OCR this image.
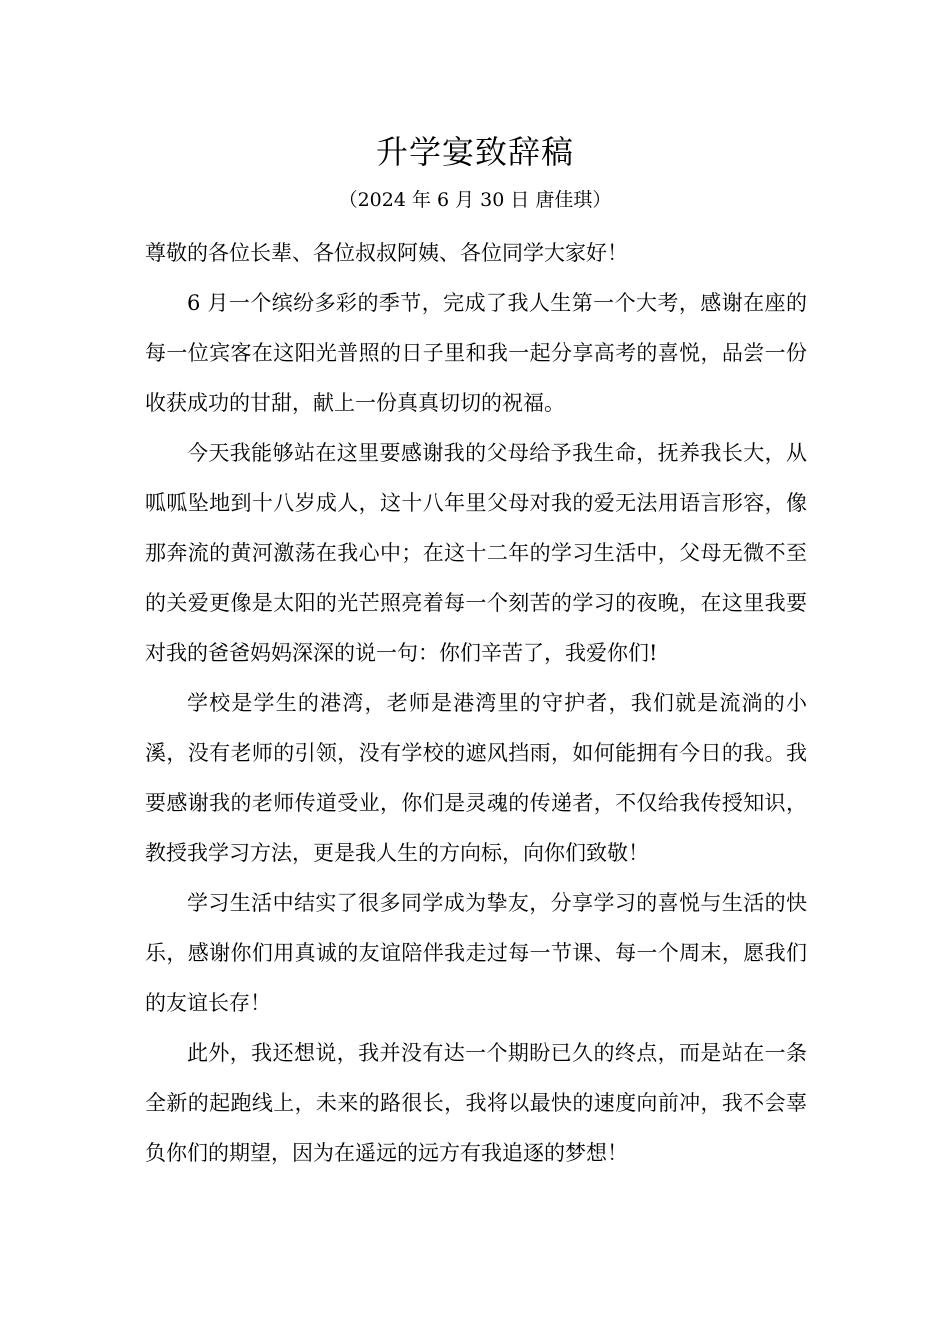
升学宴致辞稿
（2024 年 6 月 30 日 唐佳琪）

尊敬的各位长辈、各位叔叔阿姨、各位同学大家好！

6 月一个缤纷多彩的季节，完成了我人生第一个大考，感谢在座的每一位宾客在这阳光普照的日子里和我一起分享高考的喜悦，品尝一份收获成功的甘甜，献上一份真真切切的祝福。

今天我能够站在这里要感谢我的父母给予我生命，抚养我长大，从呱呱坠地到十八岁成人，这十八年里父母对我的爱无法用语言形容，像那奔流的黄河激荡在我心中；在这十二年的学习生活中，父母无微不至的关爱更像是太阳的光芒照亮着每一个刻苦的学习的夜晚，在这里我要对我的爸爸妈妈深深的说一句：你们辛苦了，我爱你们!

学校是学生的港湾，老师是港湾里的守护者，我们就是流淌的小溪，没有老师的引领，没有学校的遮风挡雨，如何能拥有今日的我。我要感谢我的老师传道受业，你们是灵魂的传递者，不仅给我传授知识，教授我学习方法，更是我人生的方向标，向你们致敬！

学习生活中结实了很多同学成为挚友，分享学习的喜悦与生活的快乐，感谢你们用真诚的友谊陪伴我走过每一节课、每一个周末，愿我们的友谊长存！

此外，我还想说，我并没有达一个期盼已久的终点，而是站在一条全新的起跑线上，未来的路很长，我将以最快的速度向前冲，我不会辜负你们的期望，因为在遥远的远方有我追逐的梦想！
